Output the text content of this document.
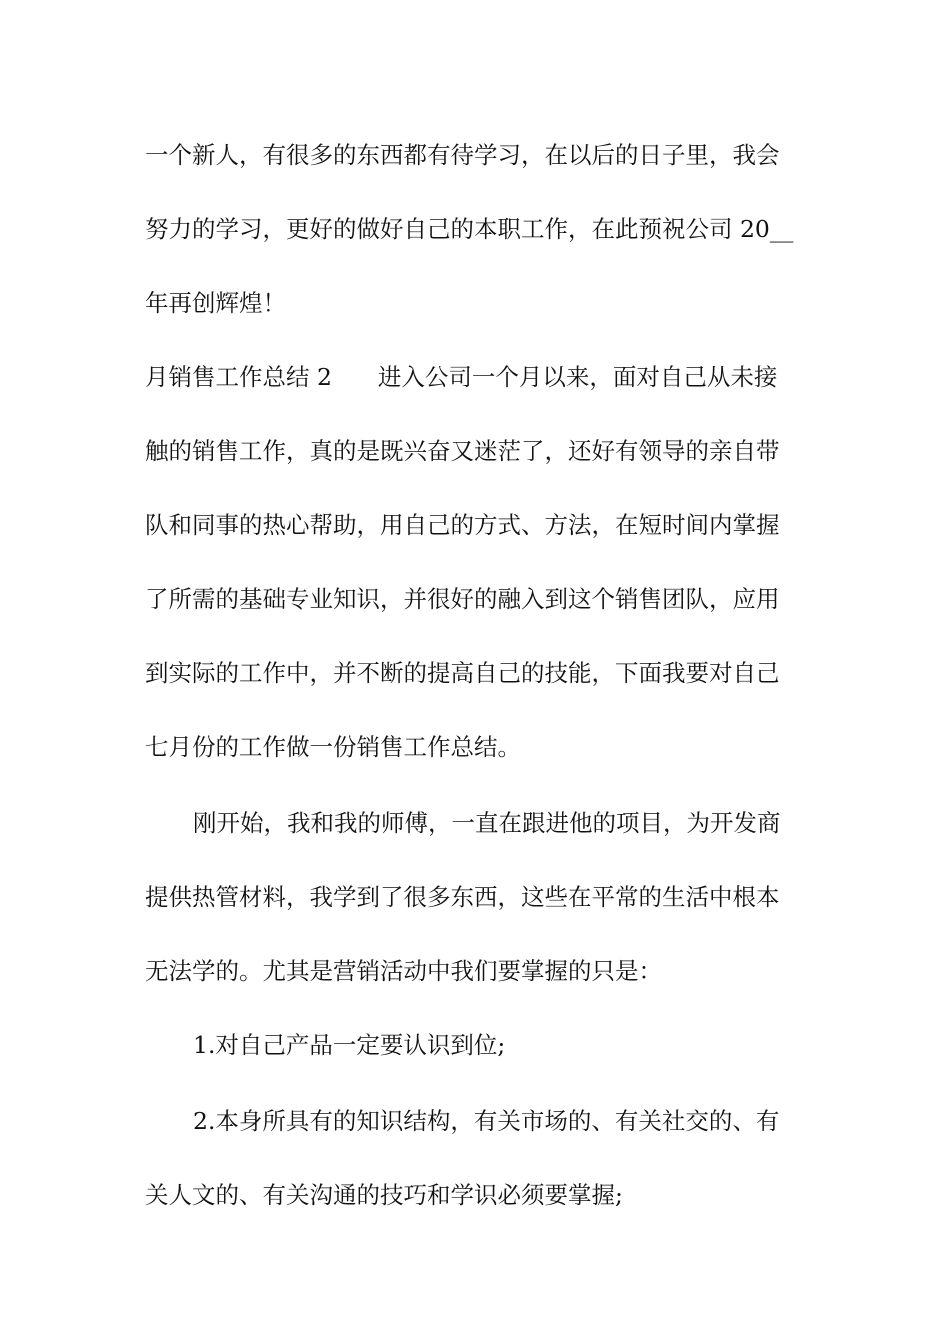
一个新人，有很多的东西都有待学习，在以后的日子里，我会
努力的学习，更好的做好自己的本职工作，在此预祝公司 20__
年再创辉煌！
月销售工作总结 2 进入公司一个月以来，面对自己从未接
触的销售工作，真的是既兴奋又迷茫了，还好有领导的亲自带
队和同事的热心帮助，用自己的方式、方法，在短时间内掌握
了所需的基础专业知识，并很好的融入到这个销售团队，应用
到实际的工作中，并不断的提高自己的技能，下面我要对自己
七月份的工作做一份销售工作总结。
刚开始，我和我的师傅，一直在跟进他的项目，为开发商
提供热管材料，我学到了很多东西，这些在平常的生活中根本
无法学的。尤其是营销活动中我们要掌握的只是：
1.对自己产品一定要认识到位;
2.本身所具有的知识结构，有关市场的、有关社交的、有
关人文的、有关沟通的技巧和学识必须要掌握;
